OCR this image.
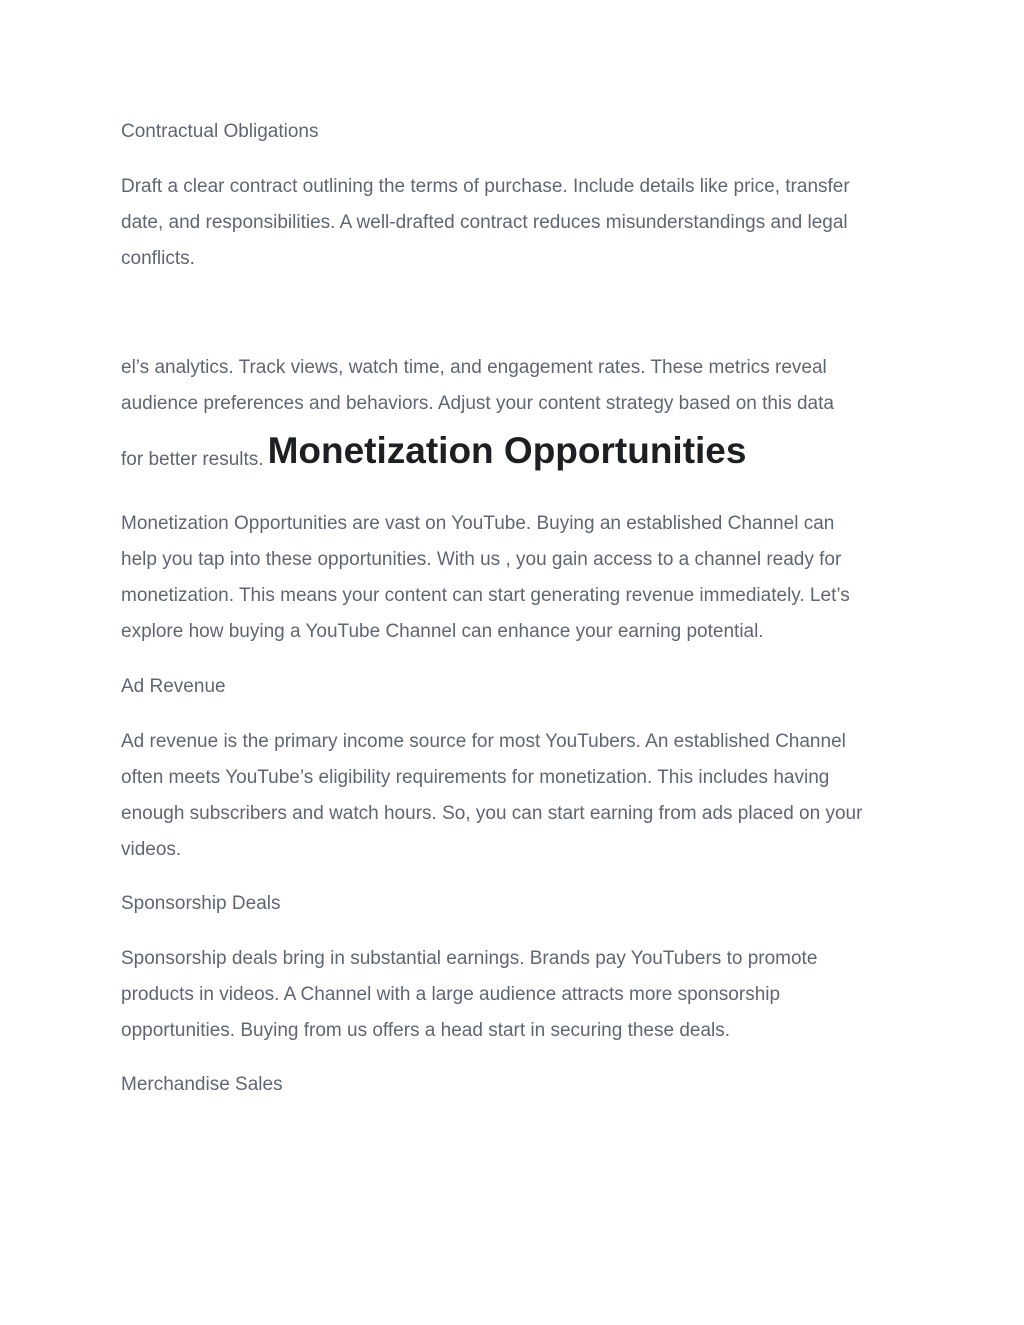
Contractual Obligations
Draft a clear contract outlining the terms of purchase. Include details like price, transfer
date, and responsibilities. A well-drafted contract reduces misunderstandings and legal
conflicts.
el’s analytics. Track views, watch time, and engagement rates. These metrics reveal
audience preferences and behaviors. Adjust your content strategy based on this data
for better results. Monetization Opportunities
Monetization Opportunities are vast on YouTube. Buying an established Channel can
help you tap into these opportunities. With us , you gain access to a channel ready for
monetization. This means your content can start generating revenue immediately. Let’s
explore how buying a YouTube Channel can enhance your earning potential.
Ad Revenue
Ad revenue is the primary income source for most YouTubers. An established Channel
often meets YouTube’s eligibility requirements for monetization. This includes having
enough subscribers and watch hours. So, you can start earning from ads placed on your
videos.
Sponsorship Deals
Sponsorship deals bring in substantial earnings. Brands pay YouTubers to promote
products in videos. A Channel with a large audience attracts more sponsorship
opportunities. Buying from us offers a head start in securing these deals.
Merchandise Sales
